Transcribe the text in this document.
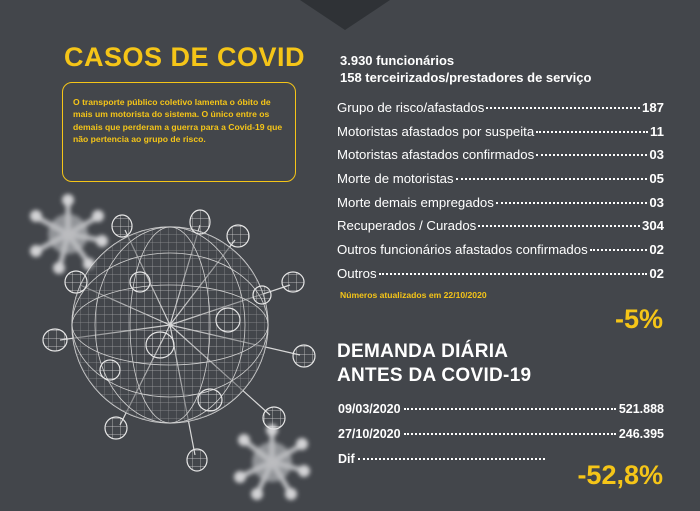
CASOS DE COVID

O transporte público coletivo lamenta o óbito de mais um motorista do sistema. O único entre os demais que perderam a guerra para a Covid-19 que não pertencia ao grupo de risco.

3.930 funcionários
158 terceirizados/prestadores de serviço
Grupo de risco/afastados	187
Motoristas afastados por suspeita	11
Motoristas afastados confirmados	03
Morte de motoristas	05
Morte demais empregados	03
Recuperados / Curados	304
Outros funcionários afastados confirmados	02
Outros	02
Números atualizados em 22/10/2020
-5%
DEMANDA DIÁRIA
ANTES DA COVID-19
09/03/2020	521.888
27/10/2020	246.395
Dif
-52,8%
